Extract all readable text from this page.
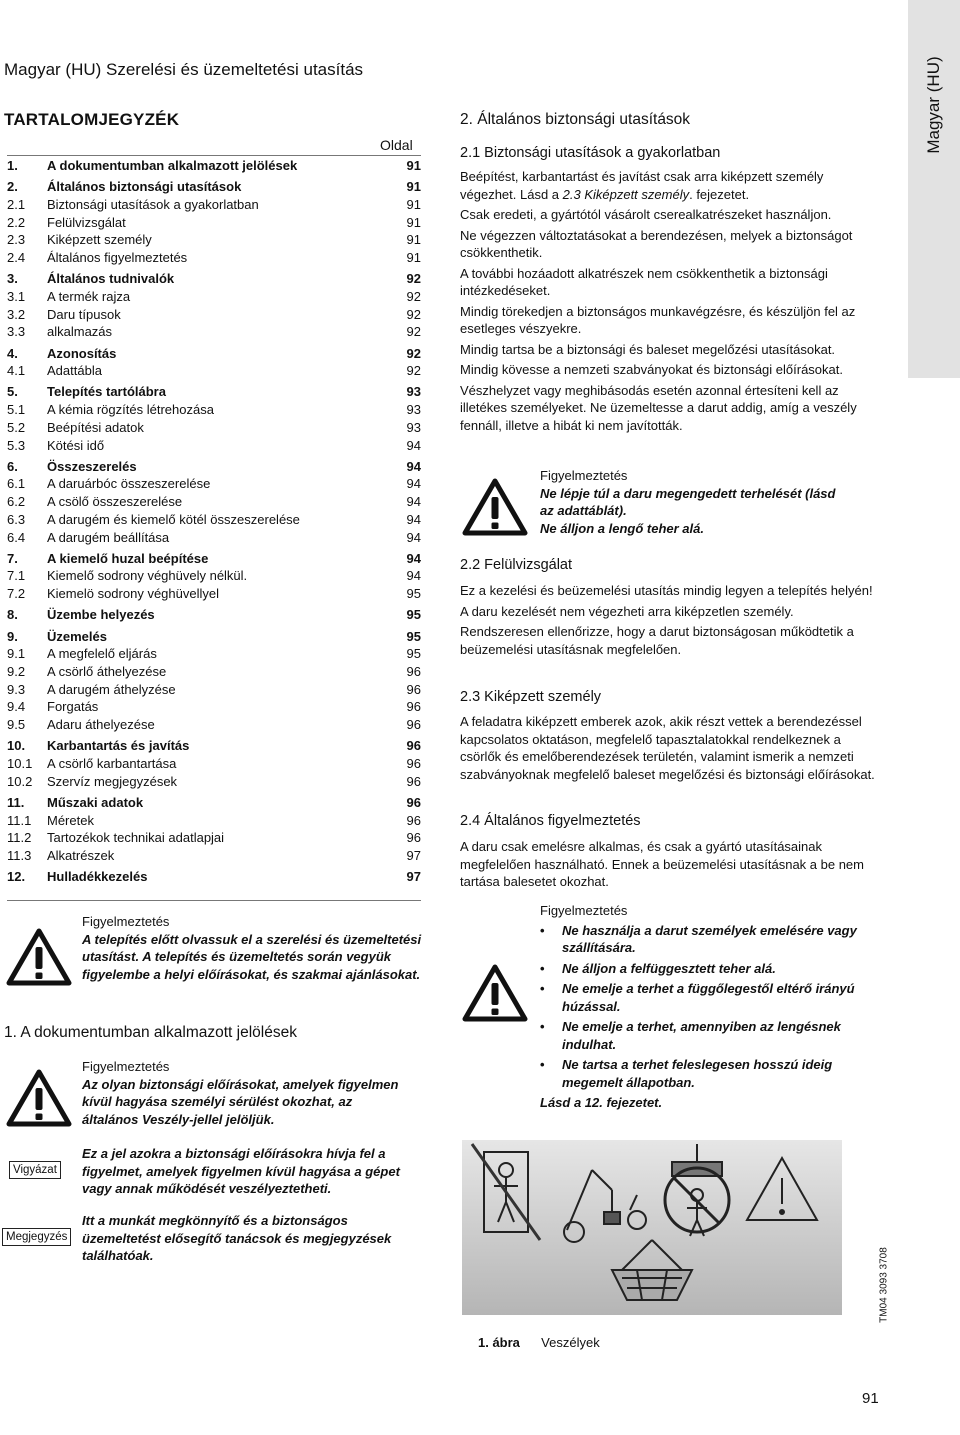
Magyar (HU)
Magyar (HU) Szerelési és üzemeltetési utasítás
TARTALOMJEGYZÉK
Oldal
1. A dokumentumban alkalmazott jelölések	91
2. Általános biztonsági utasítások	91
2.1 Biztonsági utasítások a gyakorlatban	91
2.2 Felülvizsgálat	91
2.3 Kiképzett személy	91
2.4 Általános figyelmeztetés	91
3. Általános tudnivalók	92
3.1 A termék rajza	92
3.2 Daru típusok	92
3.3 alkalmazás	92
4. Azonosítás	92
4.1 Adattábla	92
5. Telepítés tartólábra	93
5.1 A kémia rögzítés létrehozása	93
5.2 Beépítési adatok	93
5.3 Kötési idő	94
6. Összeszerelés	94
6.1 A daruárbóc összeszerelése	94
6.2 A csölő összeszerelése	94
6.3 A darugém és kiemelő kötél összeszerelése	94
6.4 A darugém beállítása	94
7. A kiemelő huzal beépítése	94
7.1 Kiemelő sodrony véghüvely nélkül.	94
7.2 Kiemelö sodrony véghüvellyel	95
8. Üzembe helyezés	95
9. Üzemelés	95
9.1 A megfelelő eljárás	95
9.2 A csörlő áthelyezése	96
9.3 A darugém áthelyzése	96
9.4 Forgatás	96
9.5 Adaru áthelyezése	96
10. Karbantartás és javítás	96
10.1 A csörlő karbantartása	96
10.2 Szervíz megjegyzések	96
11. Műszaki adatok	96
11.1 Méretek	96
11.2 Tartozékok technikai adatlapjai	96
11.3 Alkatrészek	97
12. Hulladékkezelés	97
Figyelmeztetés
A telepítés előtt olvassuk el a szerelési és üzemeltetési utasítást. A telepítés és üzemeltetés során vegyük figyelembe a helyi előírásokat, és szakmai ajánlásokat.
1. A dokumentumban alkalmazott jelölések
Figyelmeztetés
Az olyan biztonsági előírásokat, amelyek figyelmen kívül hagyása személyi sérülést okozhat, az általános Veszély-jellel jelöljük.
Vigyázat
Ez a jel azokra a biztonsági előírásokra hívja fel a figyelmet, amelyek figyelmen kívül hagyása a gépet vagy annak működését veszélyeztetheti.
Megjegyzés
Itt a munkát megkönnyítő és a biztonságos üzemeltetést elősegítő tanácsok és megjegyzések találhatóak.
2. Általános biztonsági utasítások
2.1 Biztonsági utasítások a gyakorlatban
Beépítést, karbantartást és javítást csak arra kiképzett személy végezhet. Lásd a 2.3 Kiképzett személy. fejezetet.
Csak eredeti, a gyártótól vásárolt cserealkatrészeket használjon.
Ne végezzen változtatásokat a berendezésen, melyek a biztonságot csökkenthetik.
A további hozáadott alkatrészek nem csökkenthetik a biztonsági intézkedéseket.
Mindig törekedjen a biztonságos munkavégzésre, és készüljön fel az esetleges vészyekre.
Mindig tartsa be a biztonsági és baleset megelőzési utasításokat.
Mindig kövesse a nemzeti szabványokat és biztonsági előírásokat.
Vészhelyzet vagy meghibásodás esetén azonnal értesíteni kell az illetékes személyeket. Ne üzemeltesse a darut addig, amíg a veszély fennáll, illetve a hibát ki nem javították.
Figyelmeztetés
Ne lépje túl a daru megengedett terhelését (lásd az adattáblát).
Ne álljon a lengő teher alá.
2.2 Felülvizsgálat
Ez a kezelési és beüzemelési utasítás mindig legyen a telepítés helyén!
A daru kezelését nem végezheti arra kiképzetlen személy.
Rendszeresen ellenőrizze, hogy a darut biztonságosan működtetik a beüzemelési utasításnak megfelelően.
2.3 Kiképzett személy
A feladatra kiképzett emberek azok, akik részt vettek a berendezéssel kapcsolatos oktatáson, megfelelő tapasztalatokkal rendelkeznek a csörlők és emelőberendezések területén, valamint ismerik a nemzeti szabványoknak megfelelő baleset megelőzési és biztonsági előírásokat.
2.4 Általános figyelmeztetés
A daru csak emelésre alkalmas, és csak a gyártó utasításainak megfelelően használható. Ennek a beüzemelési utasításnak a be nem tartása balesetet okozhat.
Figyelmeztetés
• Ne használja a darut személyek emelésére vagy szállítására.
• Ne álljon a felfüggesztett teher alá.
• Ne emelje a terhet a függőlegestől eltérő irányú húzással.
• Ne emelje a terhet, amennyiben az lengésnek indulhat.
• Ne tartsa a terhet feleslegesen hosszú ideig megemelt állapotban.
Lásd a 12. fejezetet.
1. ábra Veszélyek
TM04 3093 3708
91
